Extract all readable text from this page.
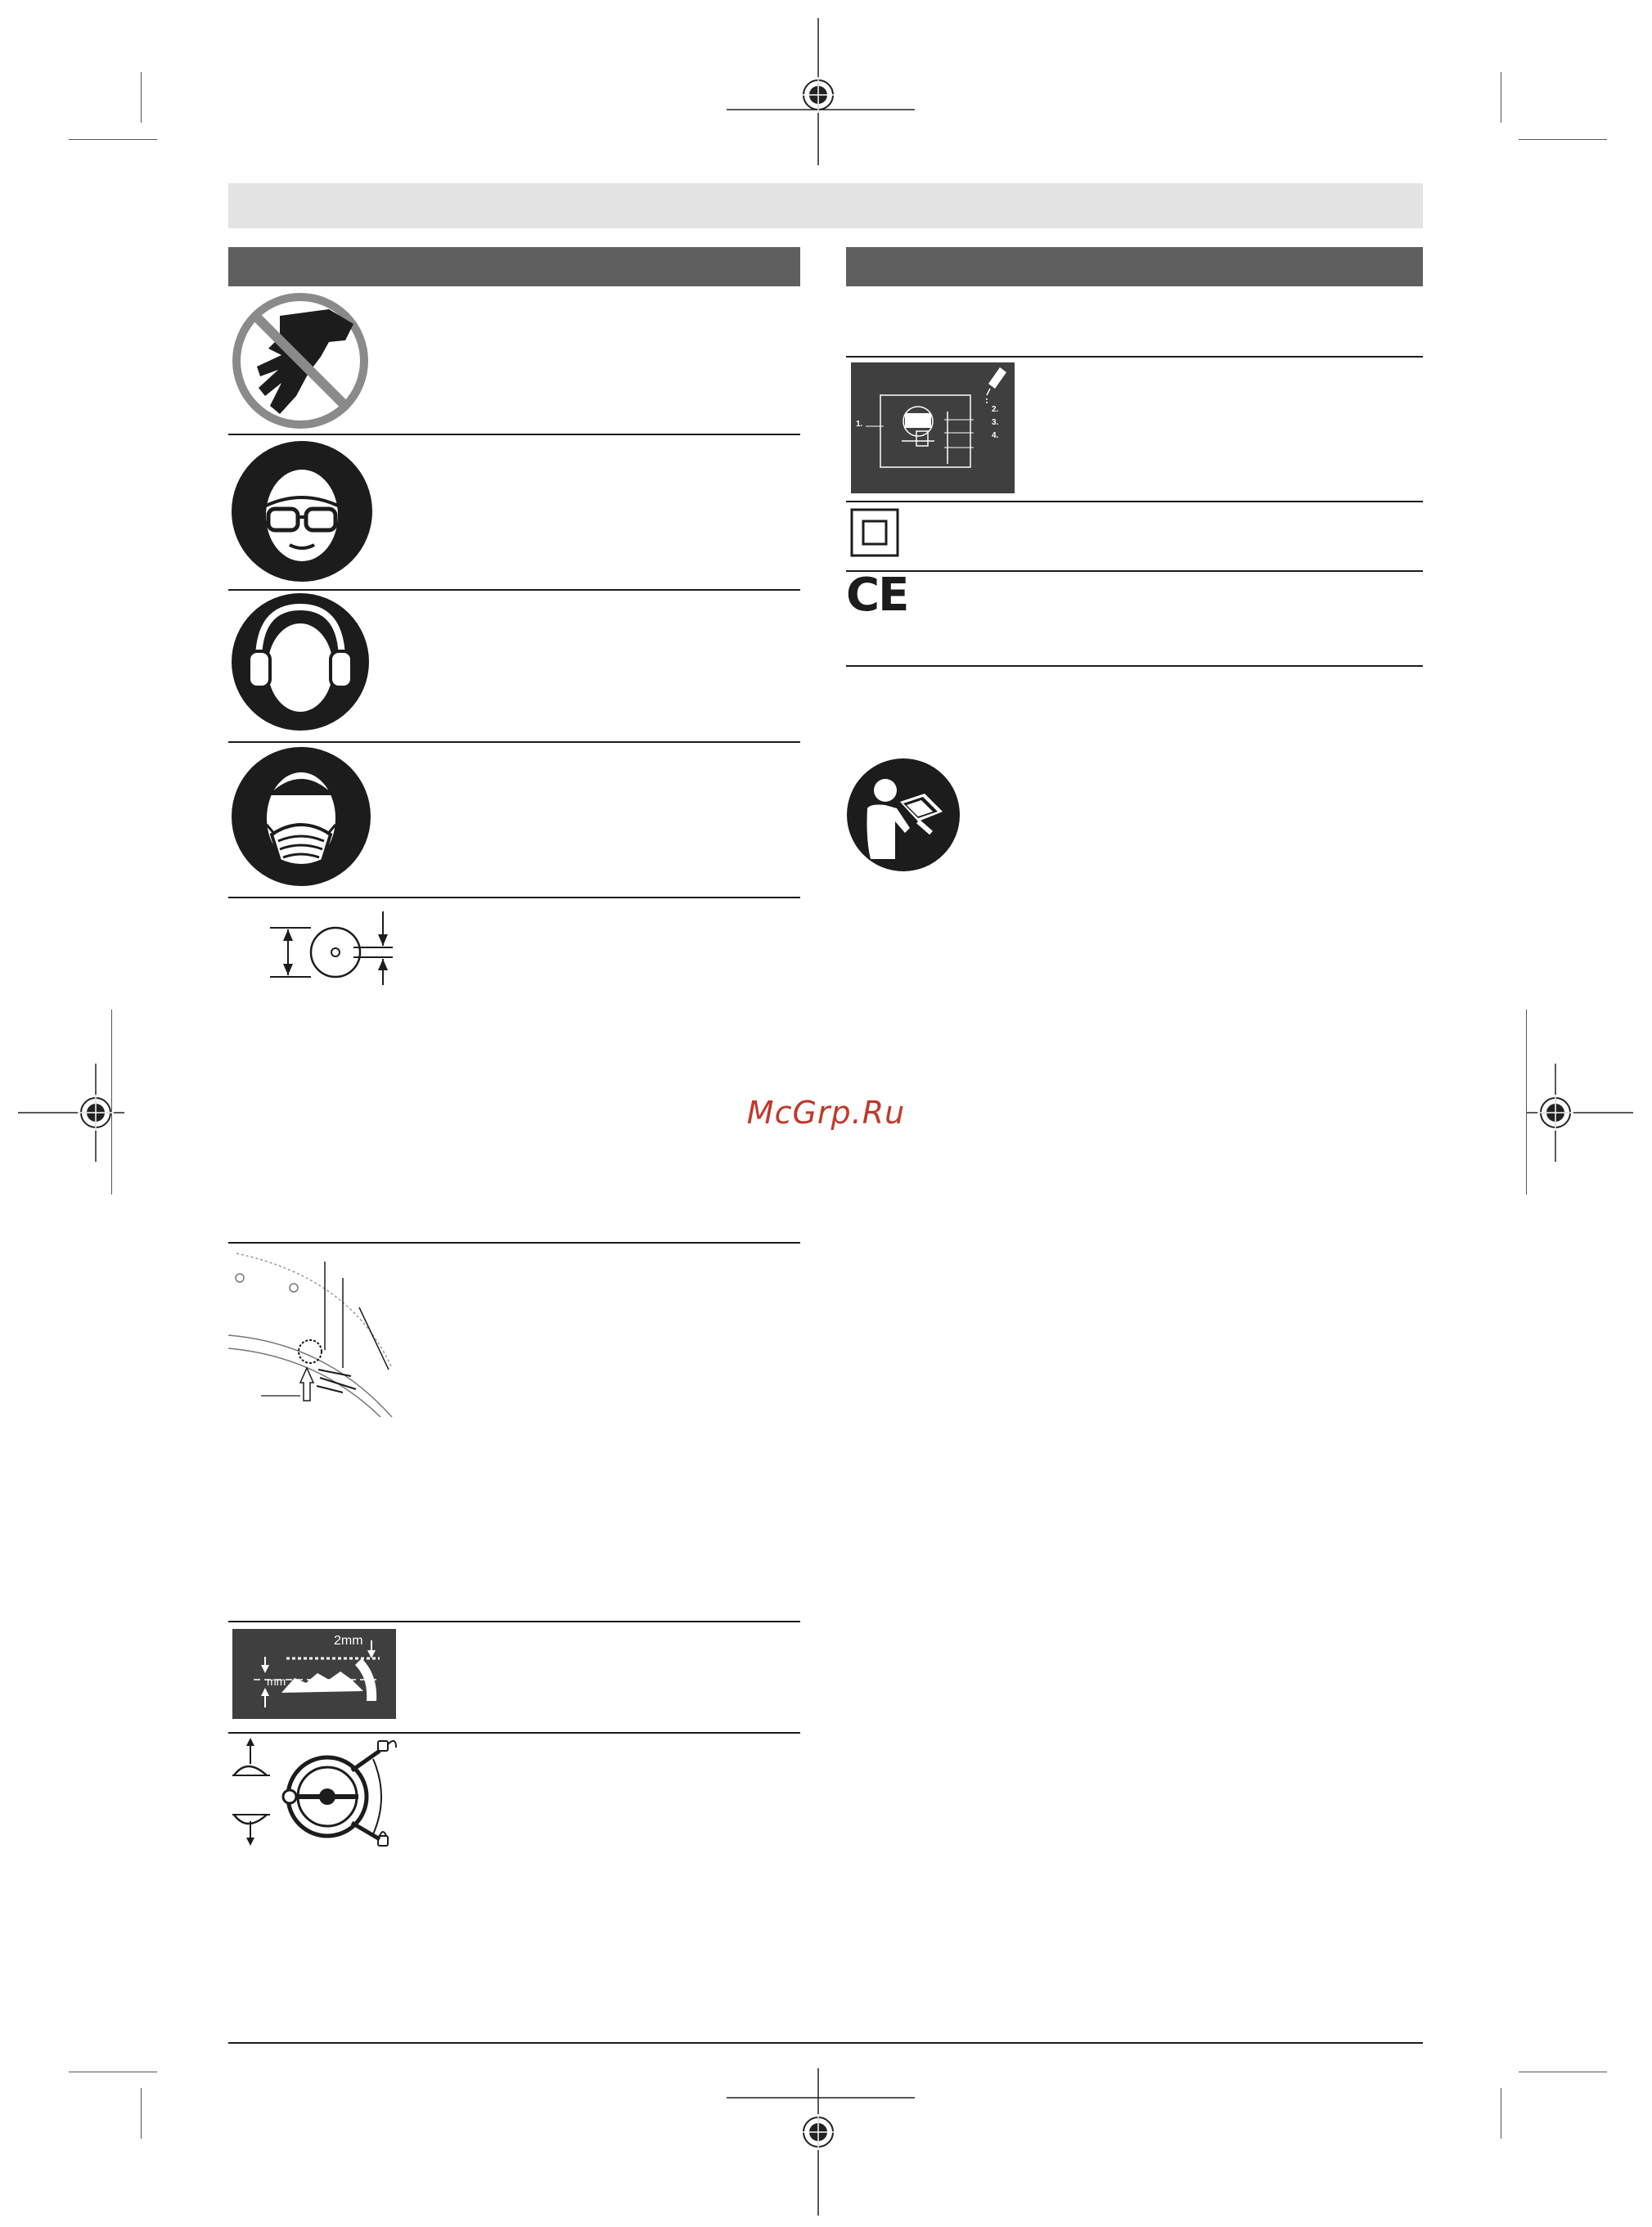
2mm
mm
1.
2.
3.
4.
CE
McGrp.Ru
